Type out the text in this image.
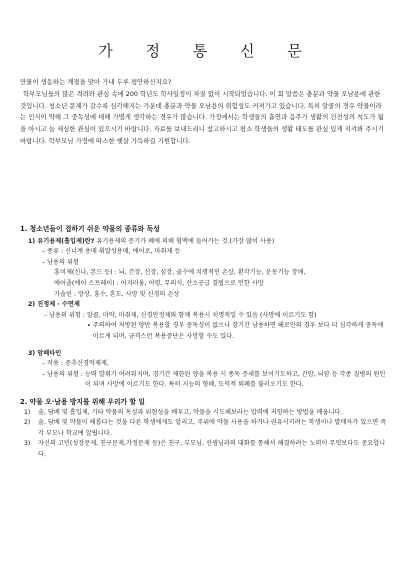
가 정 통 신 문

만물이 생동하는 계절을 맞아 가내 두루 평안하신지요?

학부모님들의 많은 격려와 관심 속에 200 학년도 학사일정이 차질 없이 시작되었습니다. 이 회 말씀은 충분과 약물 오남용에 관한 것입니다. 청소년 문제가 갈수록 심각해지는 가운데 충분과 약물 오남용의 위험성도 커져가고 있습니다. 특히 알콜의 경우 약물이라는 인식이 약해 그 중독성에 대해 가볍게 생각하는 경우가 많습니다. 가정에서는 학생들의 흡연과 음주가 생활의 건전성의 척도가 됨을 아시고 늘 세심한 관심이 있으시기 바랍니다. 자료를 보내드리니 참고하시고 평소 학생들의 생활 태도를 관심 있게 지켜봐 주시기 바랍니다. 학부모님 가정에 따스한 햇살 가득하길 기원합니다.

1. 청소년들이 접하기 쉬운 약물의 종류와 독성
1) 유기용제(흡입제)란? 유기용제의 증기가 폐에 의해 혈액에 들어가는 것.(가장 많이 사용)
– 종류 : 신너계 용매·휘발성용매, 에어로, 마취제 등
– 남용의 위험
흥미제(신나, 본드 등) : 뇌, 간장, 신장, 심장, 골수에 치명적인 손상, 환각기능, 운동기능 장애,
에어졸(에어 스프레이) : 어지러움, 어령, 무의식, 산소공급 결핍으로 인한 사망
가솔린 : 망상, 흥수, 혼도, 사망 및 신경의 손상
2) 진정제 · 수면제
– 남용의 위험 :
알콜, 마약, 마취제, 신경안정제와 함께 복용시 치명적일 수 있음 (사망에 이르기도 함)

∙
주의하여 처방된 양만 복용할 경우 중독성이 없으나 장기간 남용하면 해로인의 경우 보다 더 심각하게 중독에 이르게 되며, 금격스런 복용중단은 사망할 수도 있다.
3) 암페타민
– 작용 : 중추신경억제제,
– 남용의 위험 :
능력 발휘가 어려워지며, 경기간 제한된 양을 복용 시 종독 증세를 보이기도하고, 간암, 뇌암 등 각종 질병의 원인이 되며 사망에 이르기도 한다. 특히 지능의 형해, 도덕적 퇴폐를 불러오기도 한다.
2. 약물 오·남용 방지를 위해 우리가 할 일
1)	술, 담배 및 흡입제, 기타 약물의 독성과 위험성을 배우고, 약물을 시도해보라는 압력에 저항하는 방법을 배웁니다.
2)	술, 담배 및 약물이 해롭다는 것을 다른 학생에게도 알리고, 주위에 약물 사용을 하거나 권유시키려는 학생이나 발매자가 있으면 즉각 부모나 학교에 알립니다.
3)	자신의 고민(성장문제, 친구문제,가정문제 등)은 친구, 부모님, 선생님과의 대화를 통해서 해결하려는 노력이 무엇보다도 중요합니다.
